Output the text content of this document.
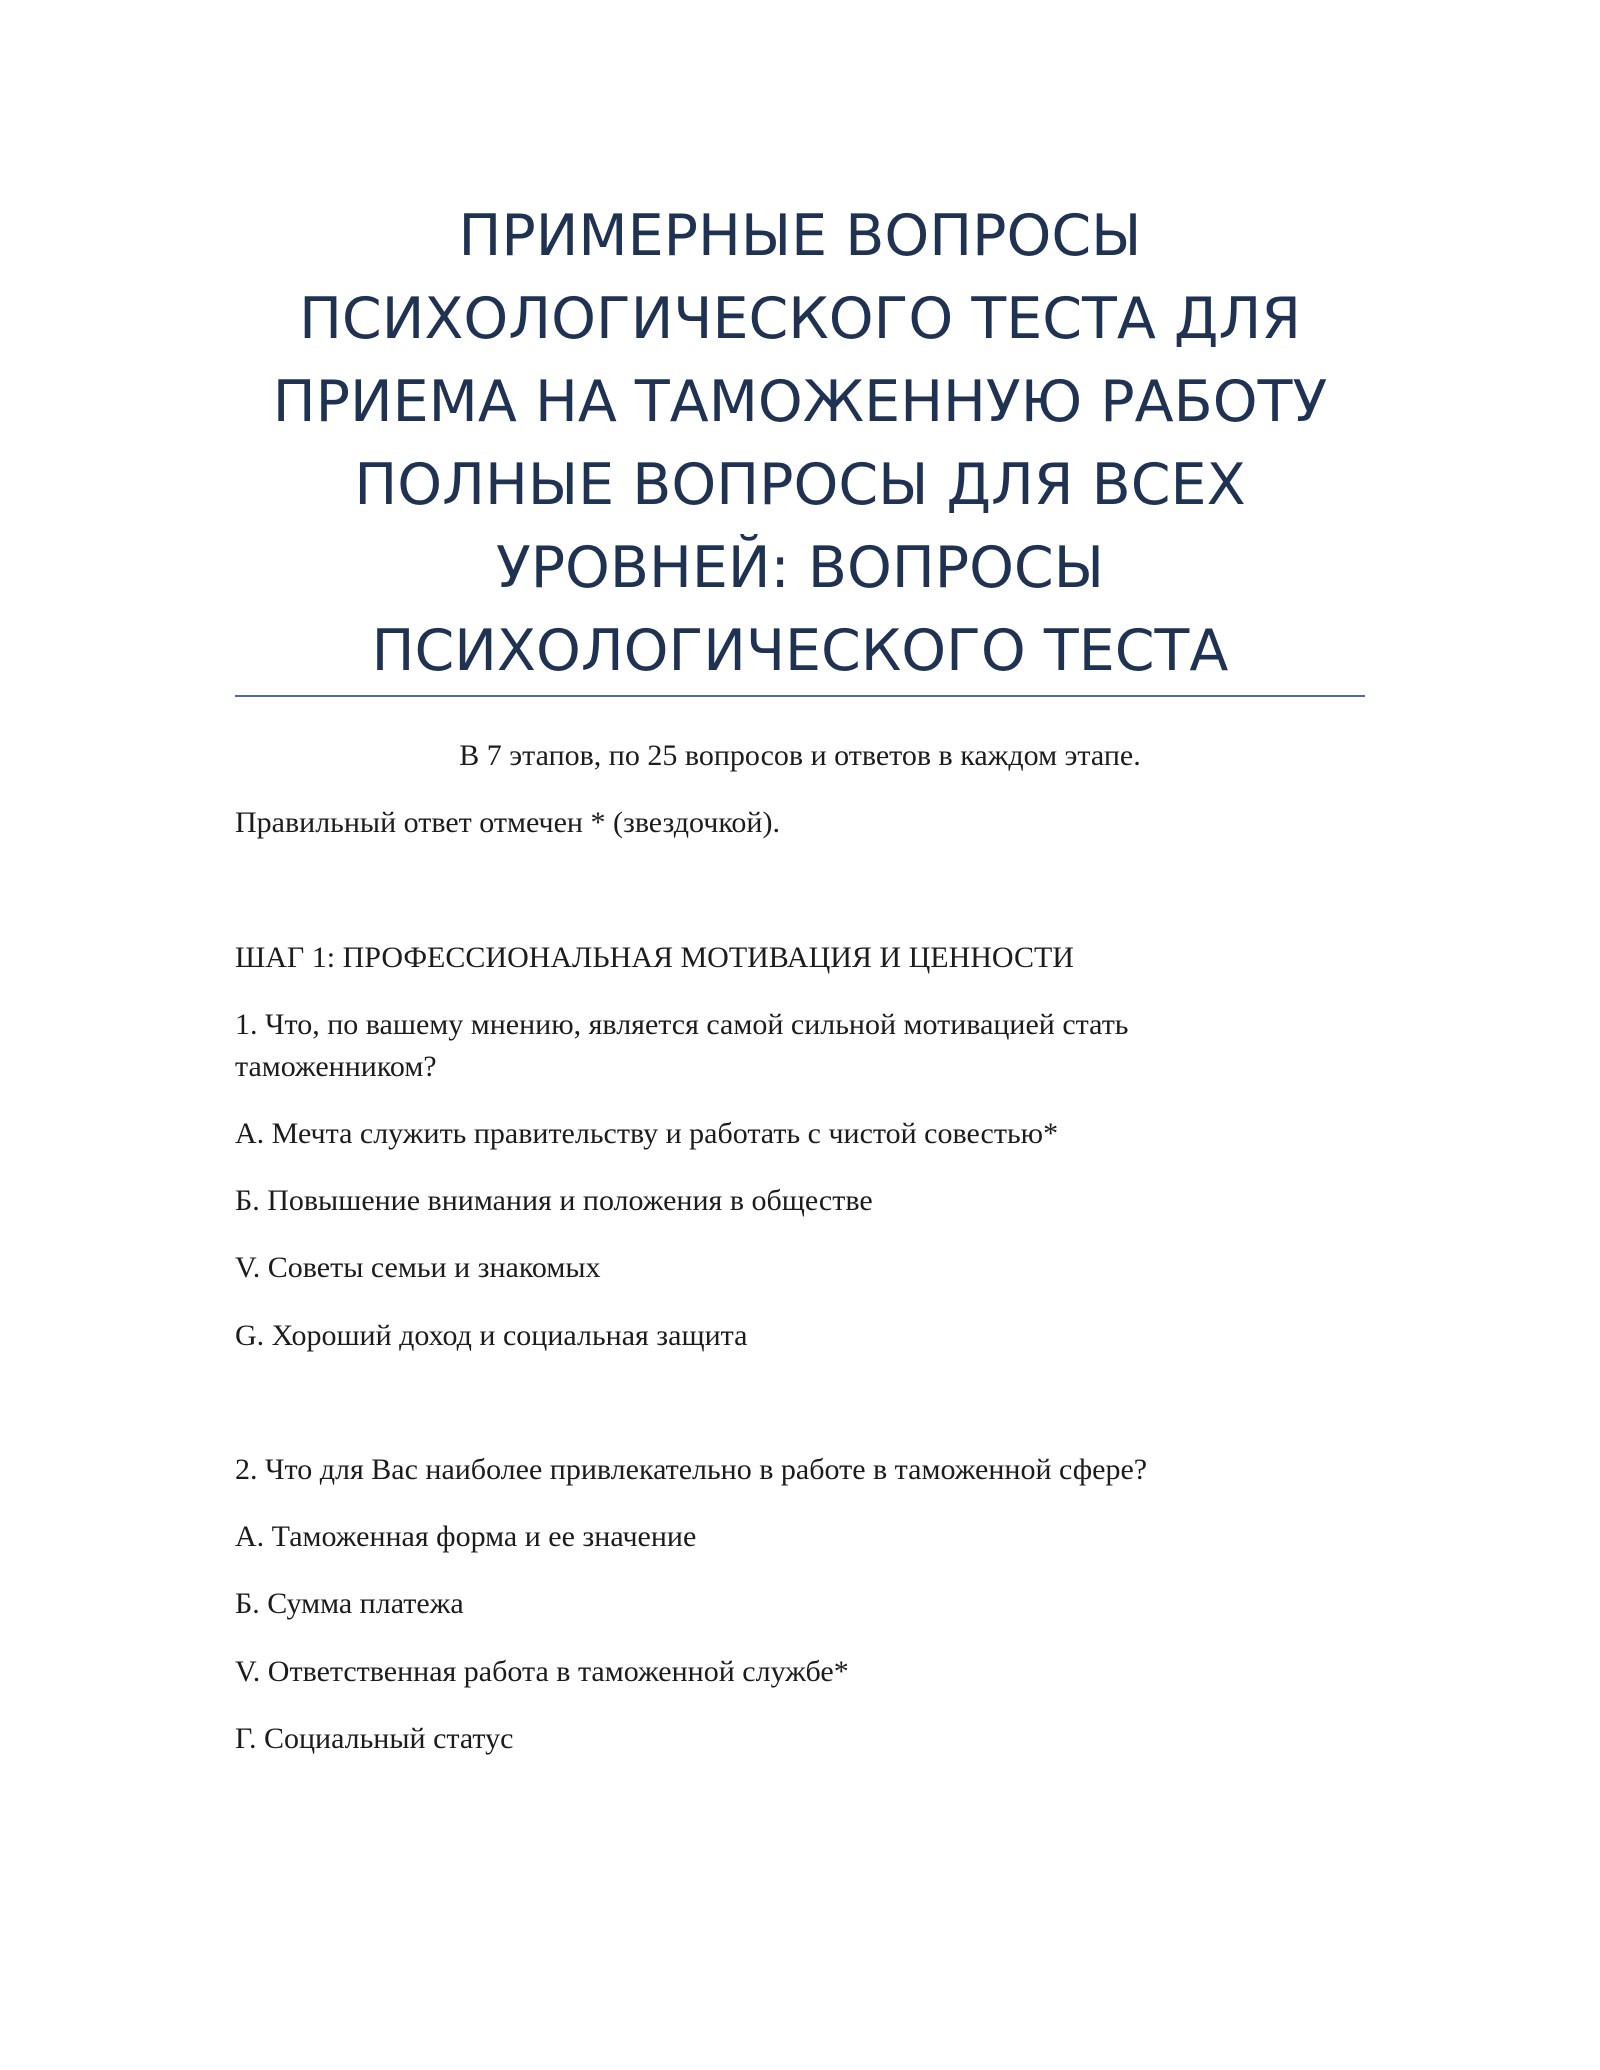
ПРИМЕРНЫЕ ВОПРОСЫ
ПСИХОЛОГИЧЕСКОГО ТЕСТА ДЛЯ
ПРИЕМА НА ТАМОЖЕННУЮ РАБОТУ
ПОЛНЫЕ ВОПРОСЫ ДЛЯ ВСЕХ
УРОВНЕЙ: ВОПРОСЫ
ПСИХОЛОГИЧЕСКОГО ТЕСТА
В 7 этапов, по 25 вопросов и ответов в каждом этапе.
Правильный ответ отмечен * (звездочкой).
ШАГ 1: ПРОФЕССИОНАЛЬНАЯ МОТИВАЦИЯ И ЦЕННОСТИ
1. Что, по вашему мнению, является самой сильной мотивацией стать
таможенником?
А. Мечта служить правительству и работать с чистой совестью*
Б. Повышение внимания и положения в обществе
V. Советы семьи и знакомых
G. Хороший доход и социальная защита
2. Что для Вас наиболее привлекательно в работе в таможенной сфере?
А. Таможенная форма и ее значение
Б. Сумма платежа
V. Ответственная работа в таможенной службе*
Г. Социальный статус
